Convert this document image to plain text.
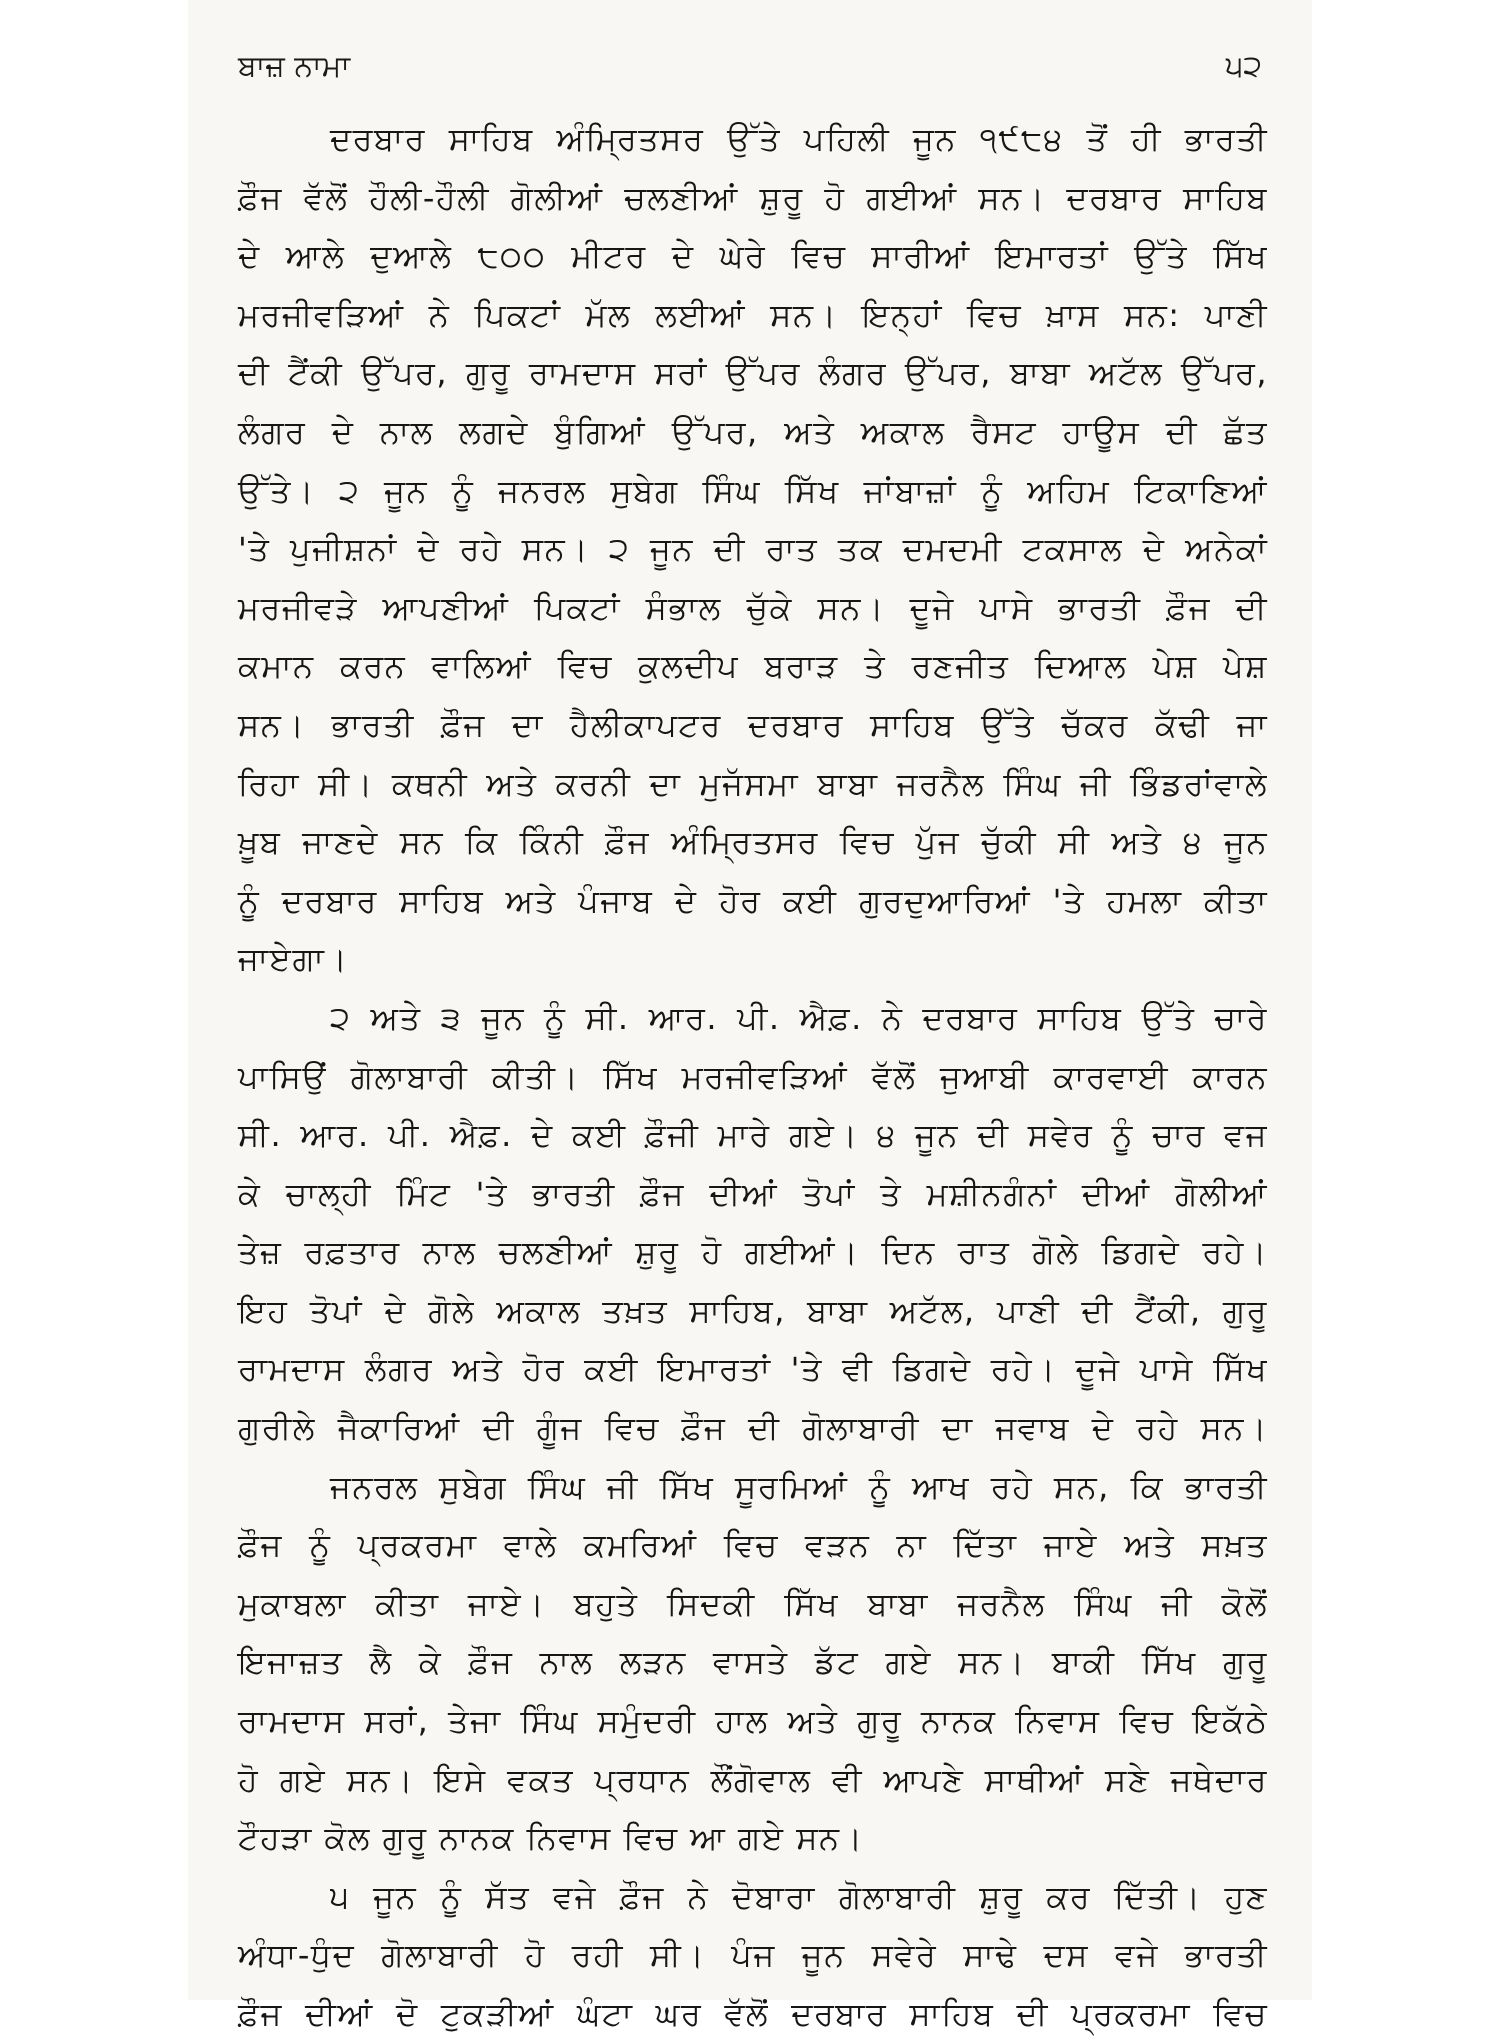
ਬਾਜ਼ ਨਾਮਾ	੫੨
ਦਰਬਾਰ ਸਾਹਿਬ ਅੰਮ੍ਰਿਤਸਰ ਉੱਤੇ ਪਹਿਲੀ ਜੂਨ ੧੯੮੪ ਤੋਂ ਹੀ ਭਾਰਤੀ
ਫ਼ੌਜ ਵੱਲੋਂ ਹੌਲੀ-ਹੌਲੀ ਗੋਲੀਆਂ ਚਲਣੀਆਂ ਸ਼ੁਰੂ ਹੋ ਗਈਆਂ ਸਨ। ਦਰਬਾਰ ਸਾਹਿਬ
ਦੇ ਆਲੇ ਦੁਆਲੇ ੮੦੦ ਮੀਟਰ ਦੇ ਘੇਰੇ ਵਿਚ ਸਾਰੀਆਂ ਇਮਾਰਤਾਂ ਉੱਤੇ ਸਿੱਖ
ਮਰਜੀਵੜਿਆਂ ਨੇ ਪਿਕਟਾਂ ਮੱਲ ਲਈਆਂ ਸਨ। ਇਨ੍ਹਾਂ ਵਿਚ ਖ਼ਾਸ ਸਨ: ਪਾਣੀ
ਦੀ ਟੈਂਕੀ ਉੱਪਰ, ਗੁਰੂ ਰਾਮਦਾਸ ਸਰਾਂ ਉੱਪਰ ਲੰਗਰ ਉੱਪਰ, ਬਾਬਾ ਅਟੱਲ ਉੱਪਰ,
ਲੰਗਰ ਦੇ ਨਾਲ ਲਗਦੇ ਬੁੰਗਿਆਂ ਉੱਪਰ, ਅਤੇ ਅਕਾਲ ਰੈਸਟ ਹਾਊਸ ਦੀ ਛੱਤ
ਉੱਤੇ। ੨ ਜੂਨ ਨੂੰ ਜਨਰਲ ਸੁਬੇਗ ਸਿੰਘ ਸਿੱਖ ਜਾਂਬਾਜ਼ਾਂ ਨੂੰ ਅਹਿਮ ਟਿਕਾਣਿਆਂ
'ਤੇ ਪੁਜੀਸ਼ਨਾਂ ਦੇ ਰਹੇ ਸਨ। ੨ ਜੂਨ ਦੀ ਰਾਤ ਤਕ ਦਮਦਮੀ ਟਕਸਾਲ ਦੇ ਅਨੇਕਾਂ
ਮਰਜੀਵੜੇ ਆਪਣੀਆਂ ਪਿਕਟਾਂ ਸੰਭਾਲ ਚੁੱਕੇ ਸਨ। ਦੂਜੇ ਪਾਸੇ ਭਾਰਤੀ ਫ਼ੌਜ ਦੀ
ਕਮਾਨ ਕਰਨ ਵਾਲਿਆਂ ਵਿਚ ਕੁਲਦੀਪ ਬਰਾੜ ਤੇ ਰਣਜੀਤ ਦਿਆਲ ਪੇਸ਼ ਪੇਸ਼
ਸਨ। ਭਾਰਤੀ ਫ਼ੌਜ ਦਾ ਹੈਲੀਕਾਪਟਰ ਦਰਬਾਰ ਸਾਹਿਬ ਉੱਤੇ ਚੱਕਰ ਕੱਢੀ ਜਾ
ਰਿਹਾ ਸੀ। ਕਥਨੀ ਅਤੇ ਕਰਨੀ ਦਾ ਮੁਜੱਸਮਾ ਬਾਬਾ ਜਰਨੈਲ ਸਿੰਘ ਜੀ ਭਿੰਡਰਾਂਵਾਲੇ
ਖ਼ੂਬ ਜਾਣਦੇ ਸਨ ਕਿ ਕਿੰਨੀ ਫ਼ੌਜ ਅੰਮ੍ਰਿਤਸਰ ਵਿਚ ਪੁੱਜ ਚੁੱਕੀ ਸੀ ਅਤੇ ੪ ਜੂਨ
ਨੂੰ ਦਰਬਾਰ ਸਾਹਿਬ ਅਤੇ ਪੰਜਾਬ ਦੇ ਹੋਰ ਕਈ ਗੁਰਦੁਆਰਿਆਂ 'ਤੇ ਹਮਲਾ ਕੀਤਾ
ਜਾਏਗਾ।
੨ ਅਤੇ ੩ ਜੂਨ ਨੂੰ ਸੀ. ਆਰ. ਪੀ. ਐਫ਼. ਨੇ ਦਰਬਾਰ ਸਾਹਿਬ ਉੱਤੇ ਚਾਰੇ
ਪਾਸਿਉਂ ਗੋਲਾਬਾਰੀ ਕੀਤੀ। ਸਿੱਖ ਮਰਜੀਵੜਿਆਂ ਵੱਲੋਂ ਜੁਆਬੀ ਕਾਰਵਾਈ ਕਾਰਨ
ਸੀ. ਆਰ. ਪੀ. ਐਫ਼. ਦੇ ਕਈ ਫ਼ੌਜੀ ਮਾਰੇ ਗਏ। ੪ ਜੂਨ ਦੀ ਸਵੇਰ ਨੂੰ ਚਾਰ ਵਜ
ਕੇ ਚਾਲ੍ਹੀ ਮਿੰਟ 'ਤੇ ਭਾਰਤੀ ਫ਼ੌਜ ਦੀਆਂ ਤੋਪਾਂ ਤੇ ਮਸ਼ੀਨਗੰਨਾਂ ਦੀਆਂ ਗੋਲੀਆਂ
ਤੇਜ਼ ਰਫ਼ਤਾਰ ਨਾਲ ਚਲਣੀਆਂ ਸ਼ੁਰੂ ਹੋ ਗਈਆਂ। ਦਿਨ ਰਾਤ ਗੋਲੇ ਡਿਗਦੇ ਰਹੇ।
ਇਹ ਤੋਪਾਂ ਦੇ ਗੋਲੇ ਅਕਾਲ ਤਖ਼ਤ ਸਾਹਿਬ, ਬਾਬਾ ਅਟੱਲ, ਪਾਣੀ ਦੀ ਟੈਂਕੀ, ਗੁਰੂ
ਰਾਮਦਾਸ ਲੰਗਰ ਅਤੇ ਹੋਰ ਕਈ ਇਮਾਰਤਾਂ 'ਤੇ ਵੀ ਡਿਗਦੇ ਰਹੇ। ਦੂਜੇ ਪਾਸੇ ਸਿੱਖ
ਗੁਰੀਲੇ ਜੈਕਾਰਿਆਂ ਦੀ ਗੂੰਜ ਵਿਚ ਫ਼ੌਜ ਦੀ ਗੋਲਾਬਾਰੀ ਦਾ ਜਵਾਬ ਦੇ ਰਹੇ ਸਨ।
ਜਨਰਲ ਸੁਬੇਗ ਸਿੰਘ ਜੀ ਸਿੱਖ ਸੂਰਮਿਆਂ ਨੂੰ ਆਖ ਰਹੇ ਸਨ, ਕਿ ਭਾਰਤੀ
ਫ਼ੌਜ ਨੂੰ ਪ੍ਰਕਰਮਾ ਵਾਲੇ ਕਮਰਿਆਂ ਵਿਚ ਵੜਨ ਨਾ ਦਿੱਤਾ ਜਾਏ ਅਤੇ ਸਖ਼ਤ
ਮੁਕਾਬਲਾ ਕੀਤਾ ਜਾਏ। ਬਹੁਤੇ ਸਿਦਕੀ ਸਿੱਖ ਬਾਬਾ ਜਰਨੈਲ ਸਿੰਘ ਜੀ ਕੋਲੋਂ
ਇਜਾਜ਼ਤ ਲੈ ਕੇ ਫ਼ੌਜ ਨਾਲ ਲੜਨ ਵਾਸਤੇ ਡੱਟ ਗਏ ਸਨ। ਬਾਕੀ ਸਿੱਖ ਗੁਰੂ
ਰਾਮਦਾਸ ਸਰਾਂ, ਤੇਜਾ ਸਿੰਘ ਸਮੁੰਦਰੀ ਹਾਲ ਅਤੇ ਗੁਰੂ ਨਾਨਕ ਨਿਵਾਸ ਵਿਚ ਇਕੱਠੇ
ਹੋ ਗਏ ਸਨ। ਇਸੇ ਵਕਤ ਪ੍ਰਧਾਨ ਲੌਂਗੋਵਾਲ ਵੀ ਆਪਣੇ ਸਾਥੀਆਂ ਸਣੇ ਜਥੇਦਾਰ
ਟੌਹੜਾ ਕੋਲ ਗੁਰੂ ਨਾਨਕ ਨਿਵਾਸ ਵਿਚ ਆ ਗਏ ਸਨ।
੫ ਜੂਨ ਨੂੰ ਸੱਤ ਵਜੇ ਫ਼ੌਜ ਨੇ ਦੋਬਾਰਾ ਗੋਲਾਬਾਰੀ ਸ਼ੁਰੂ ਕਰ ਦਿੱਤੀ। ਹੁਣ
ਅੰਧਾ-ਧੁੰਦ ਗੋਲਾਬਾਰੀ ਹੋ ਰਹੀ ਸੀ। ਪੰਜ ਜੂਨ ਸਵੇਰੇ ਸਾਢੇ ਦਸ ਵਜੇ ਭਾਰਤੀ
ਫ਼ੌਜ ਦੀਆਂ ਦੋ ਟੁਕੜੀਆਂ ਘੰਟਾ ਘਰ ਵੱਲੋਂ ਦਰਬਾਰ ਸਾਹਿਬ ਦੀ ਪ੍ਰਕਰਮਾ ਵਿਚ
